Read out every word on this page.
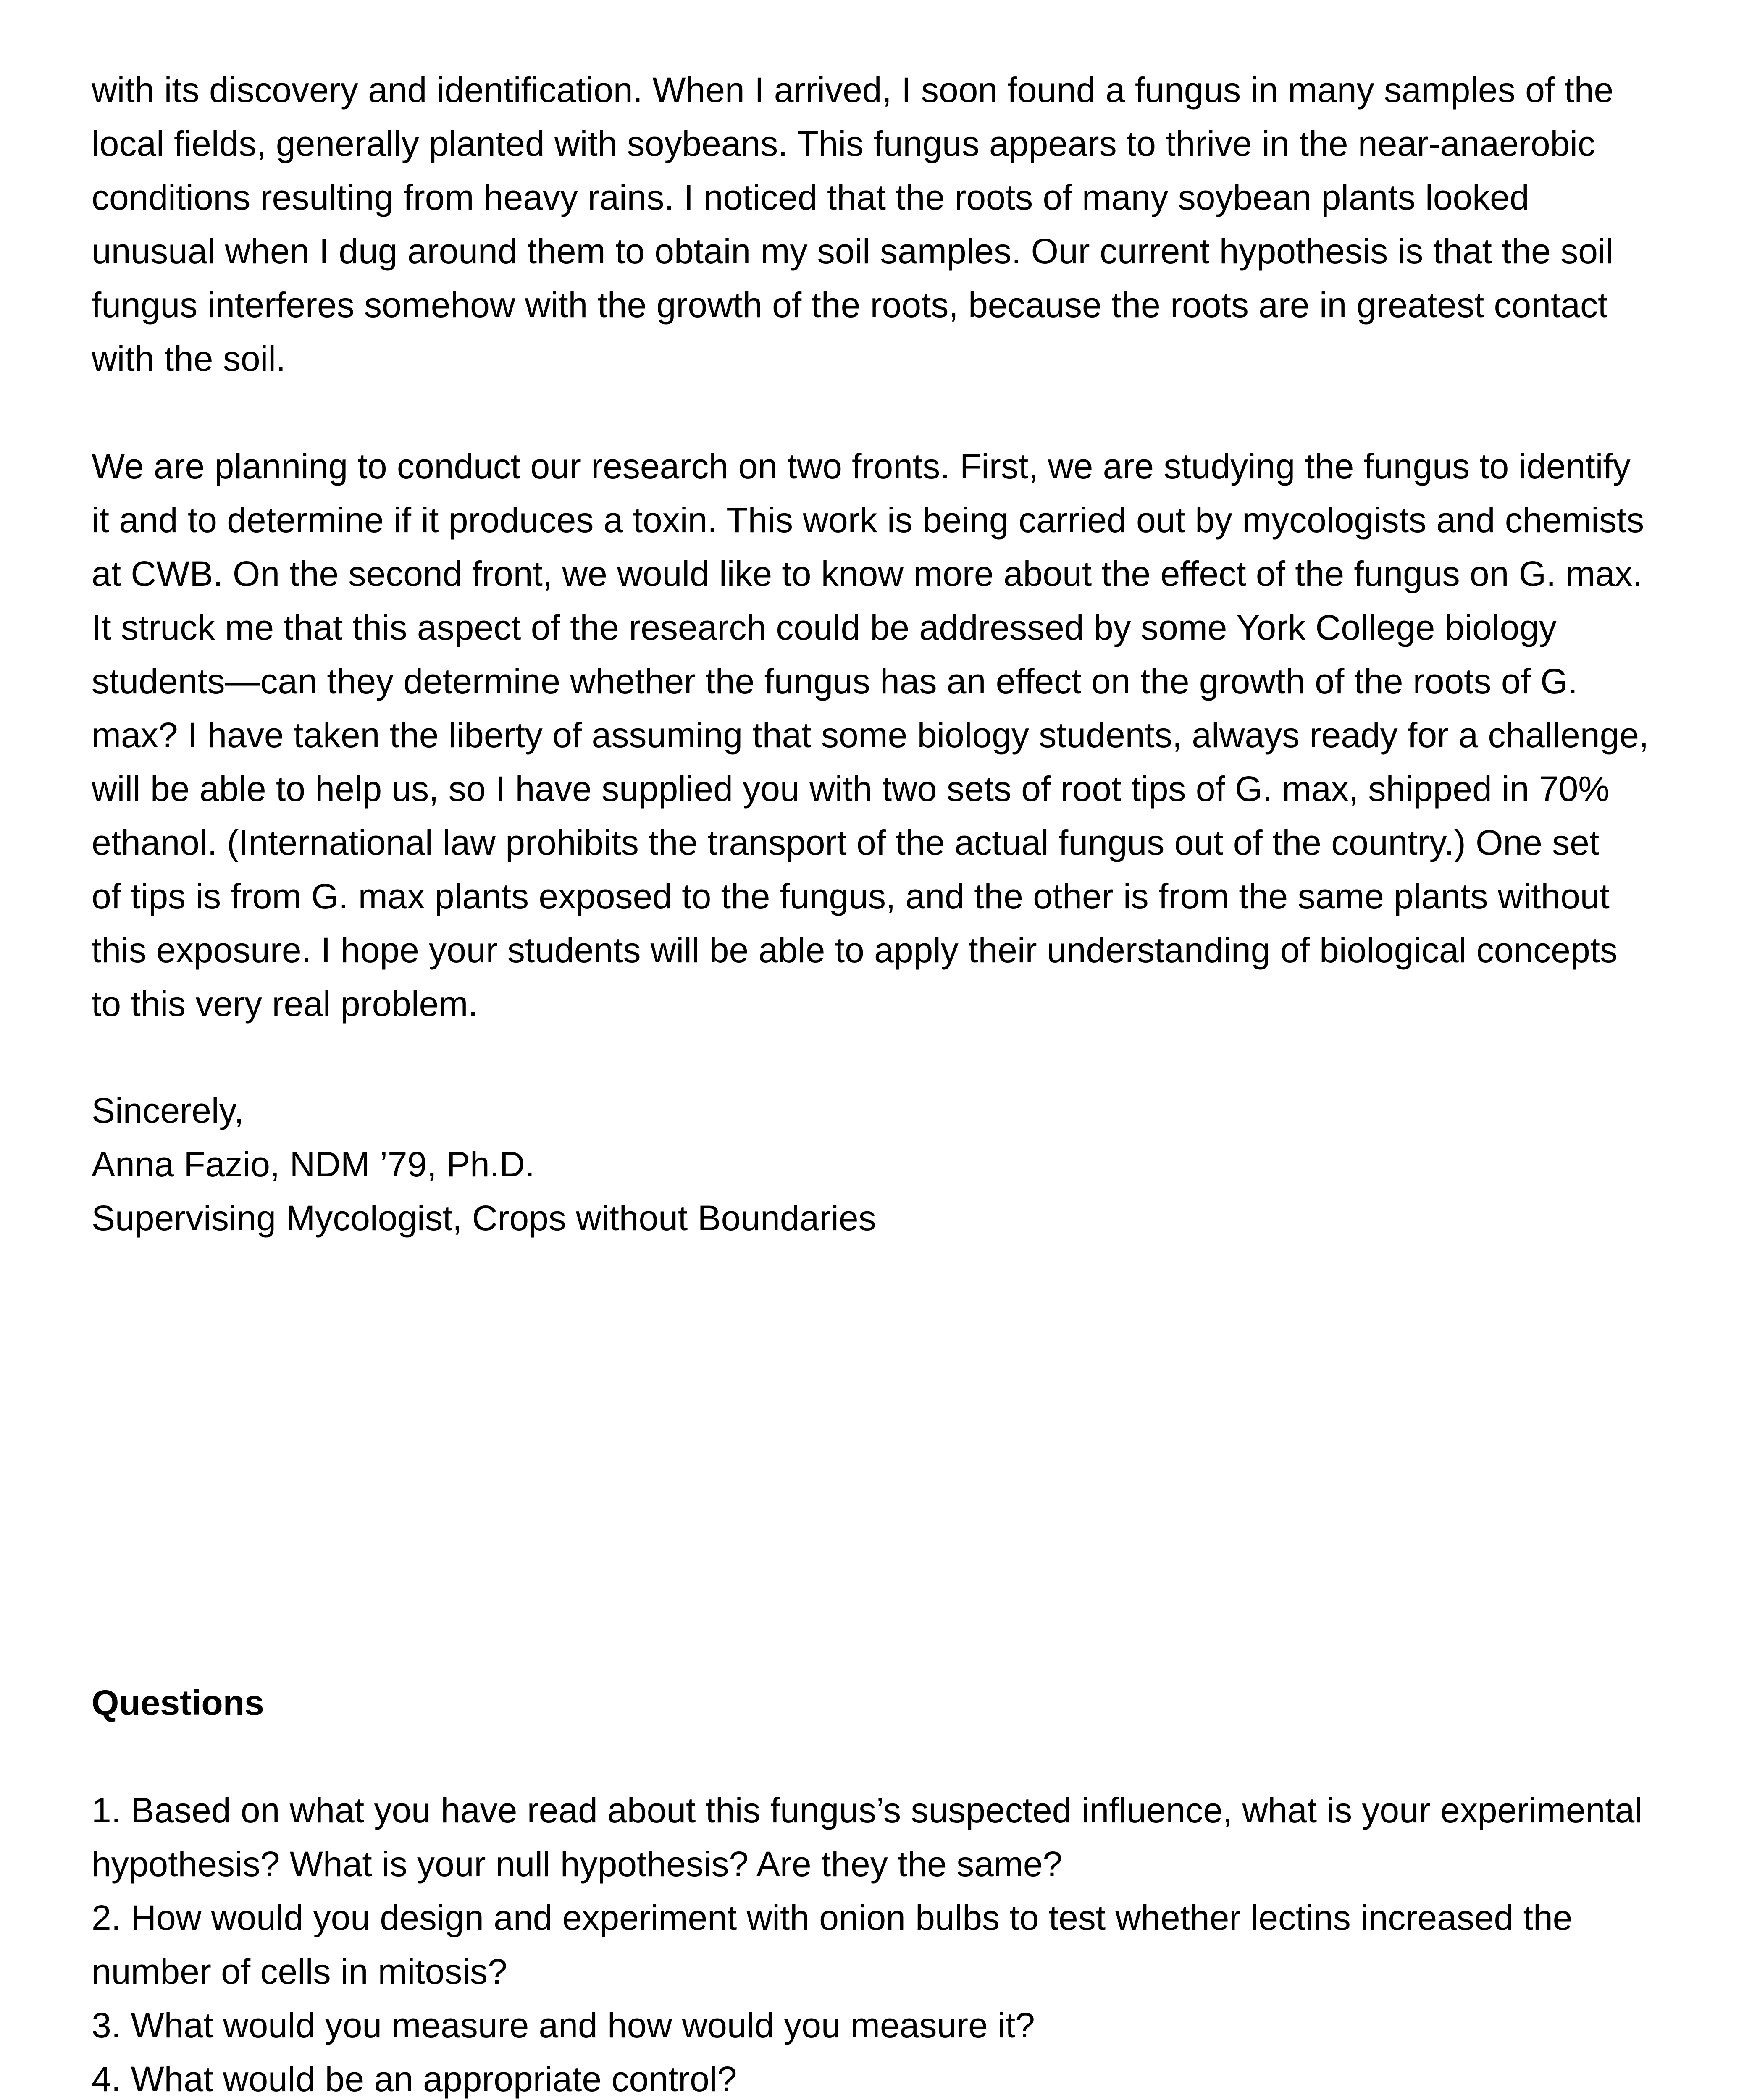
with its discovery and identification. When I arrived, I soon found a fungus in many samples of the
local fields, generally planted with soybeans. This fungus appears to thrive in the near-anaerobic
conditions resulting from heavy rains. I noticed that the roots of many soybean plants looked
unusual when I dug around them to obtain my soil samples. Our current hypothesis is that the soil
fungus interferes somehow with the growth of the roots, because the roots are in greatest contact
with the soil.
We are planning to conduct our research on two fronts. First, we are studying the fungus to identify
it and to determine if it produces a toxin. This work is being carried out by mycologists and chemists
at CWB. On the second front, we would like to know more about the effect of the fungus on G. max.
It struck me that this aspect of the research could be addressed by some York College biology
students—can they determine whether the fungus has an effect on the growth of the roots of G.
max? I have taken the liberty of assuming that some biology students, always ready for a challenge,
will be able to help us, so I have supplied you with two sets of root tips of G. max, shipped in 70%
ethanol. (International law prohibits the transport of the actual fungus out of the country.) One set
of tips is from G. max plants exposed to the fungus, and the other is from the same plants without
this exposure. I hope your students will be able to apply their understanding of biological concepts
to this very real problem.
Sincerely,
Anna Fazio, NDM ’79, Ph.D.
Supervising Mycologist, Crops without Boundaries
Questions
1. Based on what you have read about this fungus’s suspected influence, what is your experimental
hypothesis? What is your null hypothesis? Are they the same?
2. How would you design and experiment with onion bulbs to test whether lectins increased the
number of cells in mitosis?
3. What would you measure and how would you measure it?
4. What would be an appropriate control?
